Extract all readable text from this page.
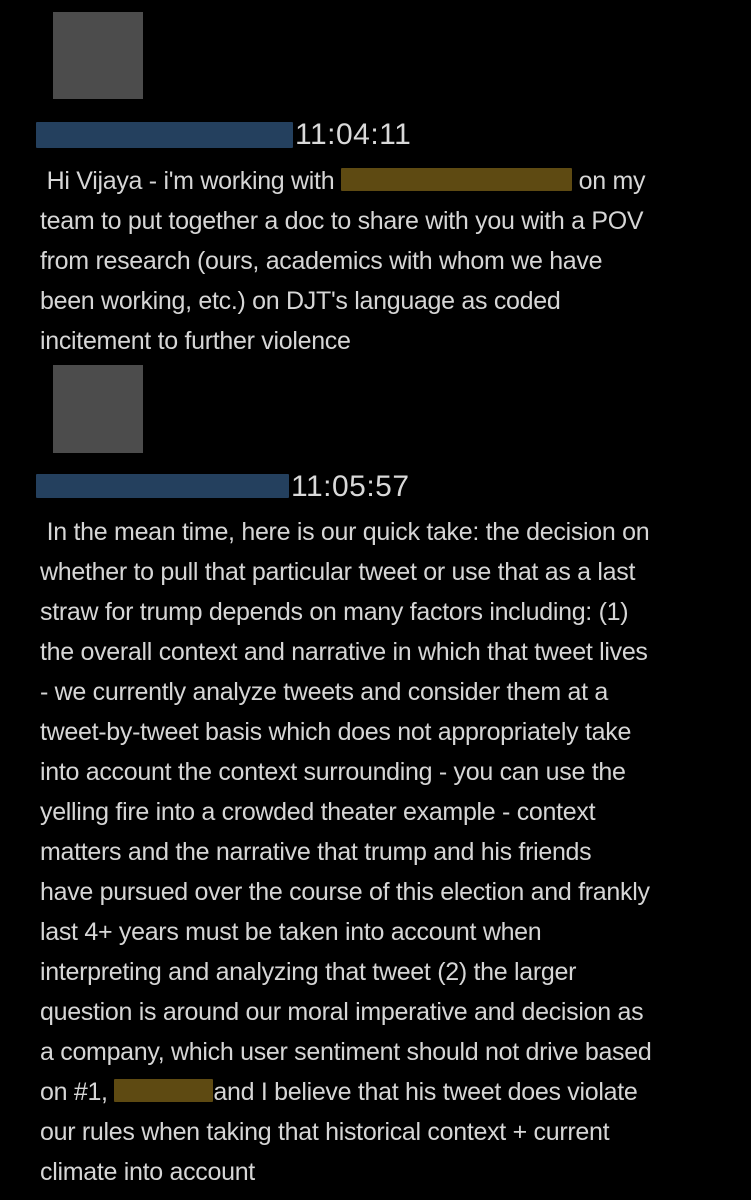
11:04:11
Hi Vijaya - i'm working with	on my
team to put together a doc to share with you with a POV
from research (ours, academics with whom we have
been working, etc.) on DJT's language as coded
incitement to further violence
11:05:57
In the mean time, here is our quick take: the decision on
whether to pull that particular tweet or use that as a last
straw for trump depends on many factors including: (1)
the overall context and narrative in which that tweet lives
- we currently analyze tweets and consider them at a
tweet-by-tweet basis which does not appropriately take
into account the context surrounding - you can use the
yelling fire into a crowded theater example - context
matters and the narrative that trump and his friends
have pursued over the course of this election and frankly
last 4+ years must be taken into account when
interpreting and analyzing that tweet (2) the larger
question is around our moral imperative and decision as
a company, which user sentiment should not drive based
on #1,	and I believe that his tweet does violate
our rules when taking that historical context + current
climate into account
